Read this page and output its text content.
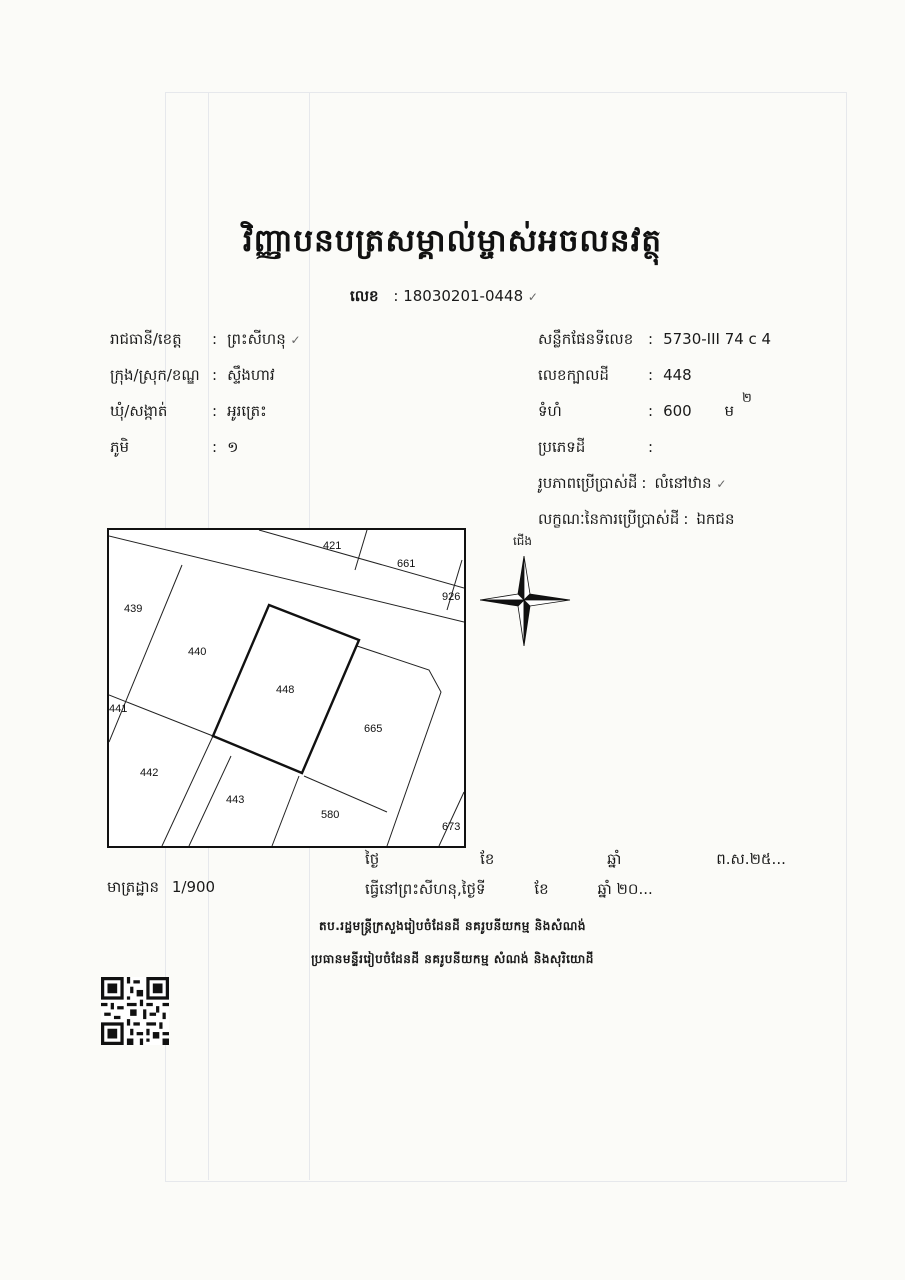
វិញ្ញាបនបត្រសម្គាល់ម្ចាស់អចលនវត្ថុ
លេខ : 18030201-0448 ✓
រាជធានី/ខេត្ត : ព្រះសីហនុ ✓
ក្រុង/ស្រុក/ខណ្ឌ : ស្ទឹងហាវ
ឃុំ/សង្កាត់	: អូរត្រេះ
ភូមិ	: ១
សន្លឹកផែនទីលេខ : 5730-III 74 c 4
លេខក្បាលដី	: 448
ទំហំ	: 600 ម
២
ប្រភេទដី	:
រូបភាពប្រើប្រាស់ដី : លំនៅឋាន ✓
លក្ខណៈនៃការប្រើប្រាស់ដី : ឯកជន
421
661
926
439
440
448
665
441
442
443
580
673
ជើង
មាត្រដ្ឋាន 1/900
ថ្ងៃ	ខែ	ឆ្នាំ	ព.ស.២៥...
ធ្វើនៅព្រះសីហនុ,ថ្ងៃទី	ខែ	ឆ្នាំ ២០...
តប.រដ្ឋមន្ត្រីក្រសួងរៀបចំដែនដី នគរូបនីយកម្ម និងសំណង់
ប្រធានមន្ទីររៀបចំដែនដី នគរូបនីយកម្ម សំណង់ និងសុរិយោដី
